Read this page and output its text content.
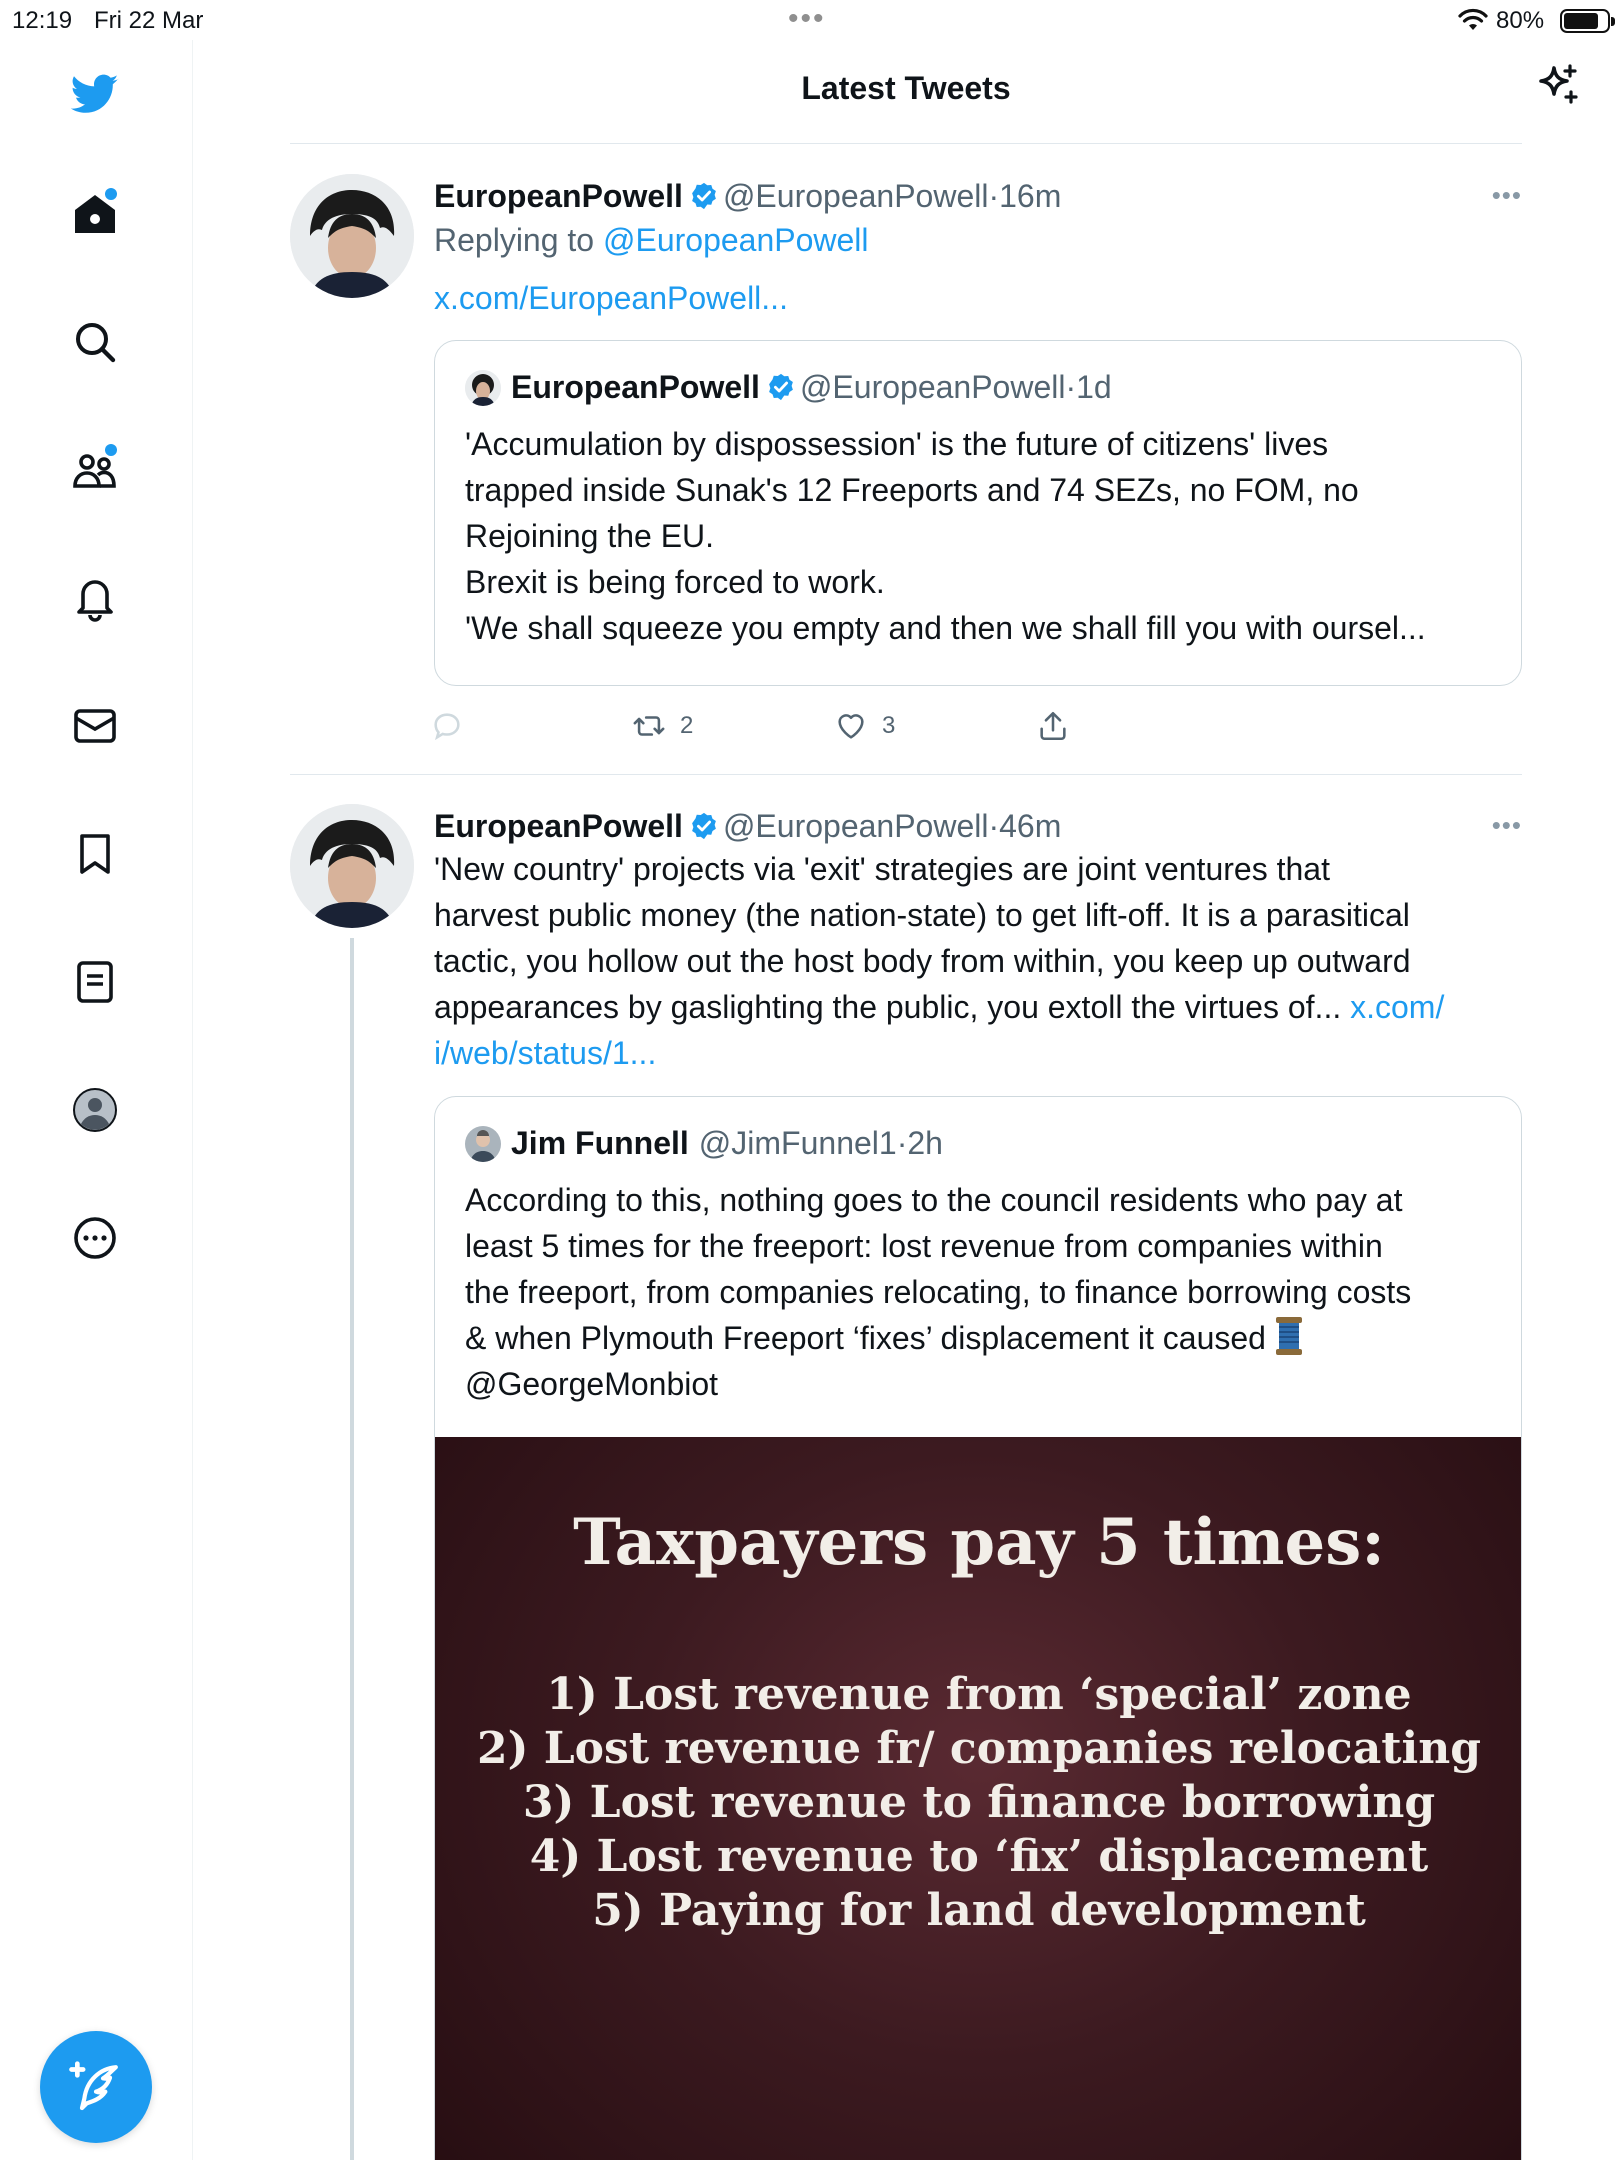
12:19 Fri 22 Mar	•••	80%
Latest Tweets
EuropeanPowell @EuropeanPowell·16m
Replying to @EuropeanPowell
x.com/EuropeanPowell...
•••
EuropeanPowell @EuropeanPowell·1d
'Accumulation by dispossession' is the future of citizens' lives
trapped inside Sunak's 12 Freeports and 74 SEZs, no FOM, no
Rejoining the EU.
Brexit is being forced to work.
'We shall squeeze you empty and then we shall fill you with oursel...
2	3
EuropeanPowell @EuropeanPowell·46m
'New country' projects via 'exit' strategies are joint ventures that
harvest public money (the nation-state) to get lift-off. It is a parasitical
tactic, you hollow out the host body from within, you keep up outward
appearances by gaslighting the public, you extoll the virtues of... x.com/
i/web/status/1...
•••
Jim Funnell @JimFunnel1·2h
According to this, nothing goes to the council residents who pay at
least 5 times for the freeport: lost revenue from companies within
the freeport, from companies relocating, to finance borrowing costs
& when Plymouth Freeport ‘fixes’ displacement it caused
@GeorgeMonbiot
Taxpayers pay 5 times:
1) Lost revenue from ‘special’ zone
2) Lost revenue fr/ companies relocating
3) Lost revenue to finance borrowing
4) Lost revenue to ‘fix’ displacement
5) Paying for land development
